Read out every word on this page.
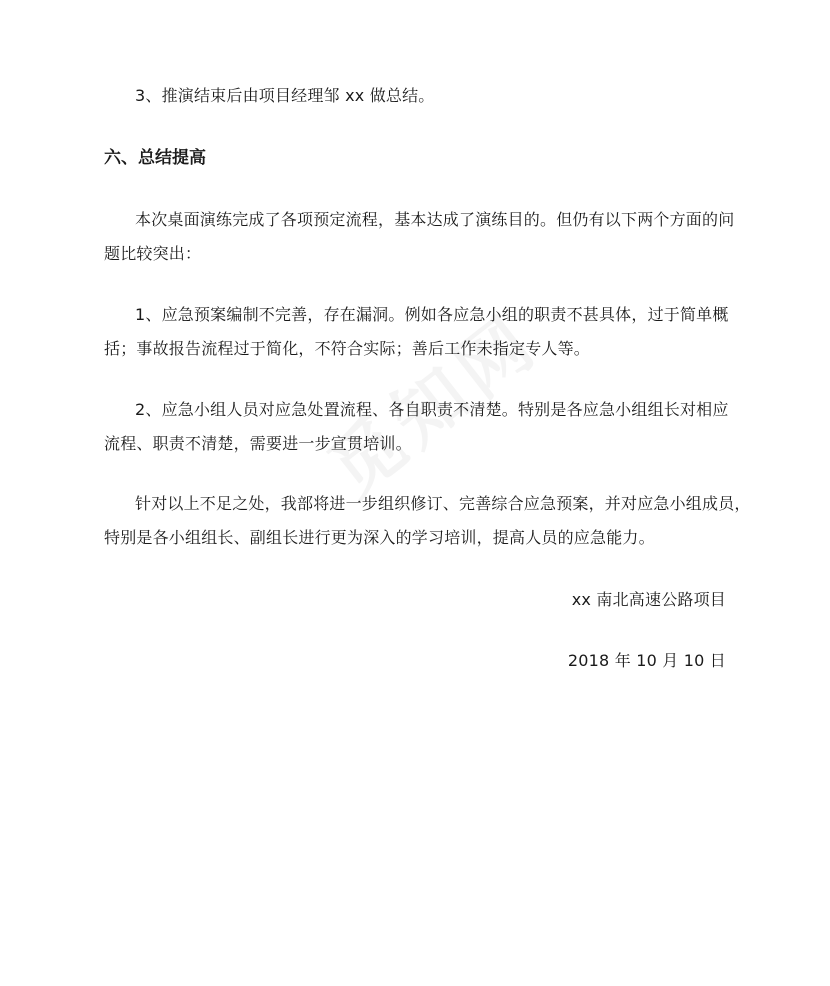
3、推演结束后由项目经理邹 xx 做总结。
六、总结提高
本次桌面演练完成了各项预定流程，基本达成了演练目的。但仍有以下两个方面的问
题比较突出：
1、应急预案编制不完善，存在漏洞。例如各应急小组的职责不甚具体，过于简单概
括；事故报告流程过于简化，不符合实际；善后工作未指定专人等。
2、应急小组人员对应急处置流程、各自职责不清楚。特别是各应急小组组长对相应
流程、职责不清楚，需要进一步宣贯培训。
针对以上不足之处，我部将进一步组织修订、完善综合应急预案，并对应急小组成员，
特别是各小组组长、副组长进行更为深入的学习培训，提高人员的应急能力。
xx 南北高速公路项目
2018 年 10 月 10 日
